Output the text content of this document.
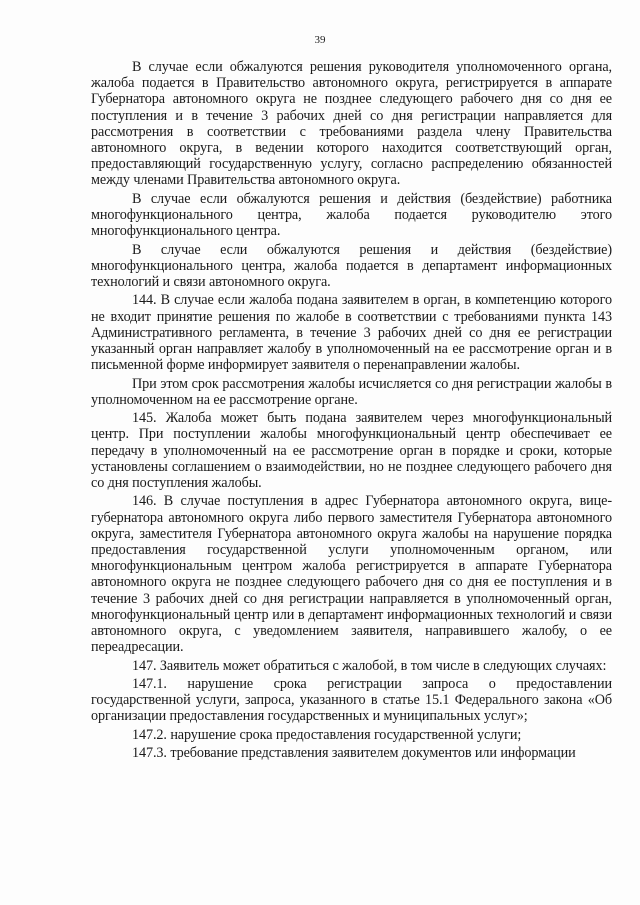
39

В случае если обжалуются решения руководителя уполномоченного органа, жалоба подается в Правительство автономного округа, регистрируется в аппарате Губернатора автономного округа не позднее следующего рабочего дня со дня ее поступления и в течение 3 рабочих дней со дня регистрации направляется для рассмотрения в соответствии с требованиями раздела члену Правительства автономного округа, в ведении которого находится соответствующий орган, предоставляющий государственную услугу, согласно распределению обязанностей между членами Правительства автономного округа.

В случае если обжалуются решения и действия (бездействие) работника многофункционального центра, жалоба подается руководителю этого многофункционального центра.

В случае если обжалуются решения и действия (бездействие) многофункционального центра, жалоба подается в департамент информационных технологий и связи автономного округа.

144. В случае если жалоба подана заявителем в орган, в компетенцию которого не входит принятие решения по жалобе в соответствии с требованиями пункта 143 Административного регламента, в течение 3 рабочих дней со дня ее регистрации указанный орган направляет жалобу в уполномоченный на ее рассмотрение орган и в письменной форме информирует заявителя о перенаправлении жалобы.

При этом срок рассмотрения жалобы исчисляется со дня регистрации жалобы в уполномоченном на ее рассмотрение органе.

145. Жалоба может быть подана заявителем через многофункциональный центр. При поступлении жалобы многофункциональный центр обеспечивает ее передачу в уполномоченный на ее рассмотрение орган в порядке и сроки, которые установлены соглашением о взаимодействии, но не позднее следующего рабочего дня со дня поступления жалобы.

146. В случае поступления в адрес Губернатора автономного округа, вице-губернатора автономного округа либо первого заместителя Губернатора автономного округа, заместителя Губернатора автономного округа жалобы на нарушение порядка предоставления государственной услуги уполномоченным органом, или многофункциональным центром жалоба регистрируется в аппарате Губернатора автономного округа не позднее следующего рабочего дня со дня ее поступления и в течение 3 рабочих дней со дня регистрации направляется в уполномоченный орган, многофункциональный центр или в департамент информационных технологий и связи автономного округа, с уведомлением заявителя, направившего жалобу, о ее переадресации.

147. Заявитель может обратиться с жалобой, в том числе в следующих случаях:

147.1. нарушение срока регистрации запроса о предоставлении государственной услуги, запроса, указанного в статье 15.1 Федерального закона «Об организации предоставления государственных и муниципальных услуг»;

147.2. нарушение срока предоставления государственной услуги;

147.3. требование представления заявителем документов или информации
